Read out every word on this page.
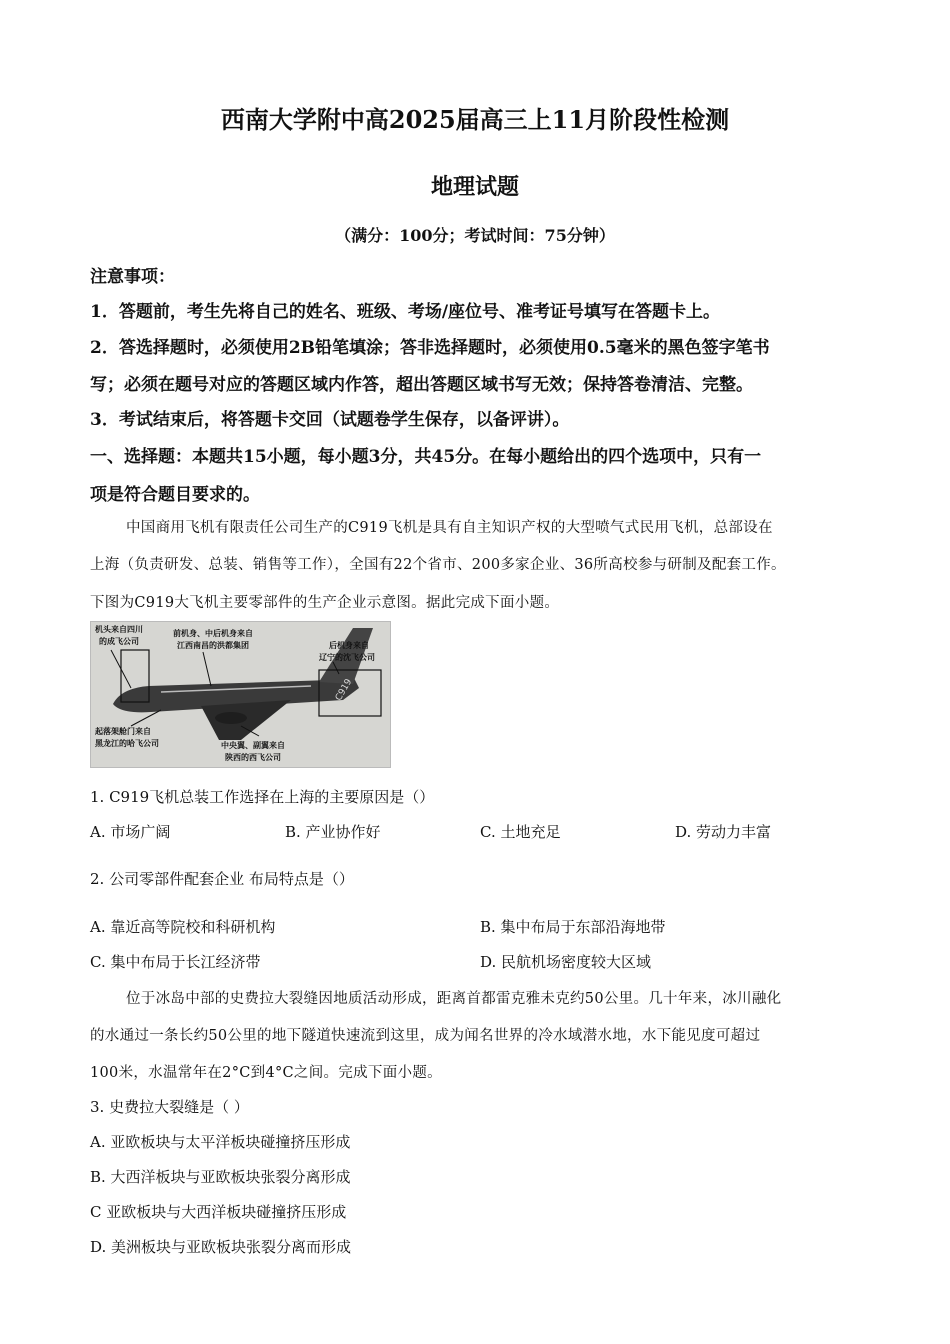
西南大学附中高2025届高三上11月阶段性检测
地理试题
（满分：100分；考试时间：75分钟）
注意事项：
1．答题前，考生先将自己的姓名、班级、考场/座位号、准考证号填写在答题卡上。
2．答选择题时，必须使用2B铅笔填涂；答非选择题时，必须使用0.5毫米的黑色签字笔书
写；必须在题号对应的答题区域内作答，超出答题区域书写无效；保持答卷清洁、完整。
3．考试结束后，将答题卡交回（试题卷学生保存，以备评讲）。
一、选择题：本题共15小题，每小题3分，共45分。在每小题给出的四个选项中，只有一
项是符合题目要求的。
中国商用飞机有限责任公司生产的C919飞机是具有自主知识产权的大型喷气式民用飞机，总部设在
上海（负责研发、总装、销售等工作），全国有22个省市、200多家企业、36所高校参与研制及配套工作。
下图为C919大飞机主要零部件的生产企业示意图。据此完成下面小题。
机头来自四川
的成飞公司
前机身、中后机身来自
江西南昌的洪都集团	后机身来自
辽宁的沈飞公司
起落架舱门来自
黑龙江的哈飞公司	中央翼、副翼来自
陕西的西飞公司
C919
1. C919飞机总装工作选择在上海的主要原因是（）
A. 市场广阔	B. 产业协作好	C. 土地充足	D. 劳动力丰富
2. 公司零部件配套企业 布局特点是（）
A. 靠近高等院校和科研机构	B. 集中布局于东部沿海地带
C. 集中布局于长江经济带	D. 民航机场密度较大区域
位于冰岛中部的史费拉大裂缝因地质活动形成，距离首都雷克雅未克约50公里。几十年来，冰川融化
的水通过一条长约50公里的地下隧道快速流到这里，成为闻名世界的冷水域潜水地，水下能见度可超过
100米，水温常年在2°C到4°C之间。完成下面小题。
3. 史费拉大裂缝是（ ）
A. 亚欧板块与太平洋板块碰撞挤压形成
B. 大西洋板块与亚欧板块张裂分离形成
C 亚欧板块与大西洋板块碰撞挤压形成
D. 美洲板块与亚欧板块张裂分离而形成
